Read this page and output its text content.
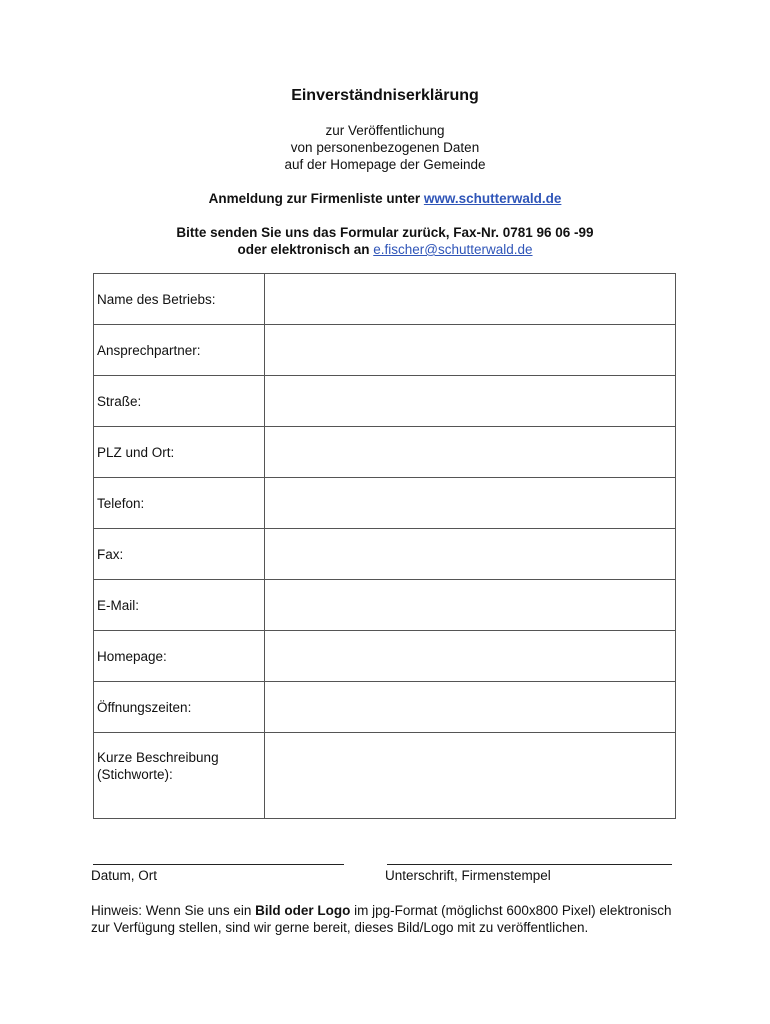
Einverständniserklärung
zur Veröffentlichung
von personenbezogenen Daten
auf der Homepage der Gemeinde
Anmeldung zur Firmenliste unter www.schutterwald.de
Bitte senden Sie uns das Formular zurück, Fax-Nr. 0781 96 06 -99
oder elektronisch an e.fischer@schutterwald.de
Name des Betriebs:	
Ansprechpartner:	
Straße:	
PLZ und Ort:	
Telefon:	
Fax:	
E-Mail:	
Homepage:	
Öffnungszeiten:	

Kurze Beschreibung
(Stichworte):	

Datum, Ort	Unterschrift, Firmenstempel
Hinweis: Wenn Sie uns ein Bild oder Logo im jpg-Format (möglichst 600x800 Pixel) elektronisch zur Verfügung stellen, sind wir gerne bereit, dieses Bild/Logo mit zu veröffentlichen.
